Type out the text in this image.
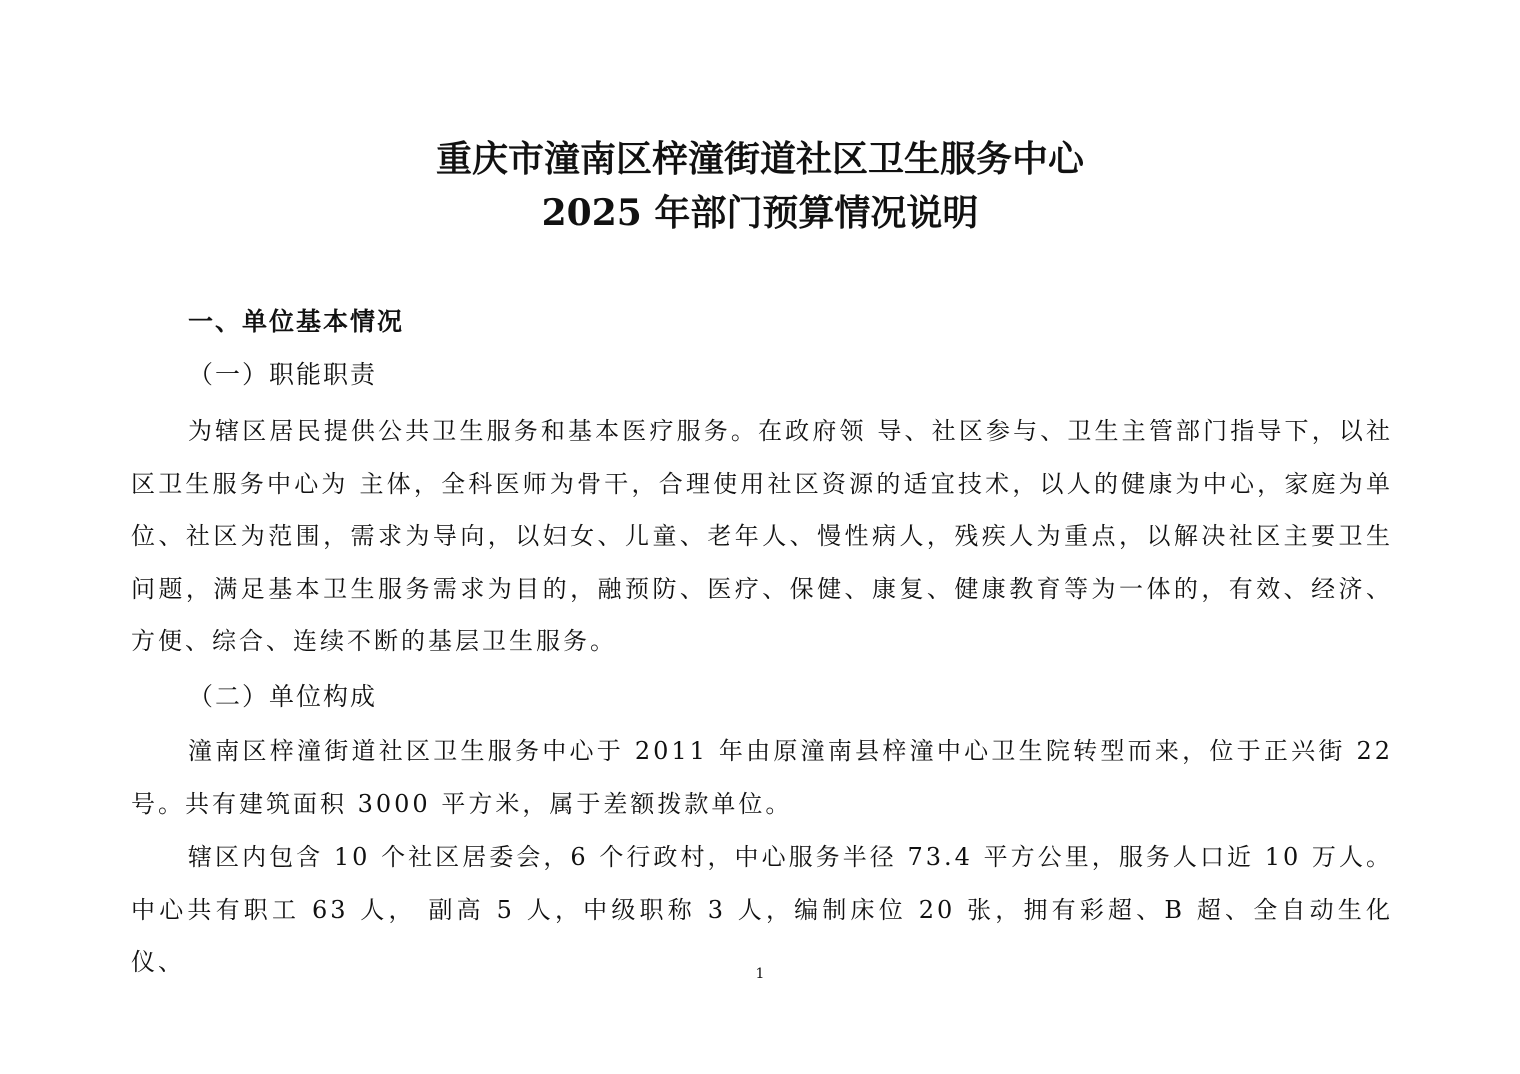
重庆市潼南区梓潼街道社区卫生服务中心
2025 年部门预算情况说明

一、单位基本情况

（一）职能职责

为辖区居民提供公共卫生服务和基本医疗服务。在政府领 导、社区参与、卫生主管部门指导下，以社区卫生服务中心为 主体，全科医师为骨干，合理使用社区资源的适宜技术，以人的健康为中心，家庭为单位、社区为范围，需求为导向，以妇女、儿童、老年人、慢性病人，残疾人为重点，以解决社区主要卫生问题，满足基本卫生服务需求为目的，融预防、医疗、保健、康复、健康教育等为一体的，有效、经济、方便、综合、连续不断的基层卫生服务。

（二）单位构成

潼南区梓潼街道社区卫生服务中心于 2011 年由原潼南县梓潼中心卫生院转型而来，位于正兴街 22 号。共有建筑面积 3000 平方米，属于差额拨款单位。

辖区内包含 10 个社区居委会，6 个行政村，中心服务半径 73.4 平方公里，服务人口近 10 万人。中心共有职工 63 人， 副高 5 人，中级职称 3 人，编制床位 20 张，拥有彩超、B 超、全自动生化仪、	1
